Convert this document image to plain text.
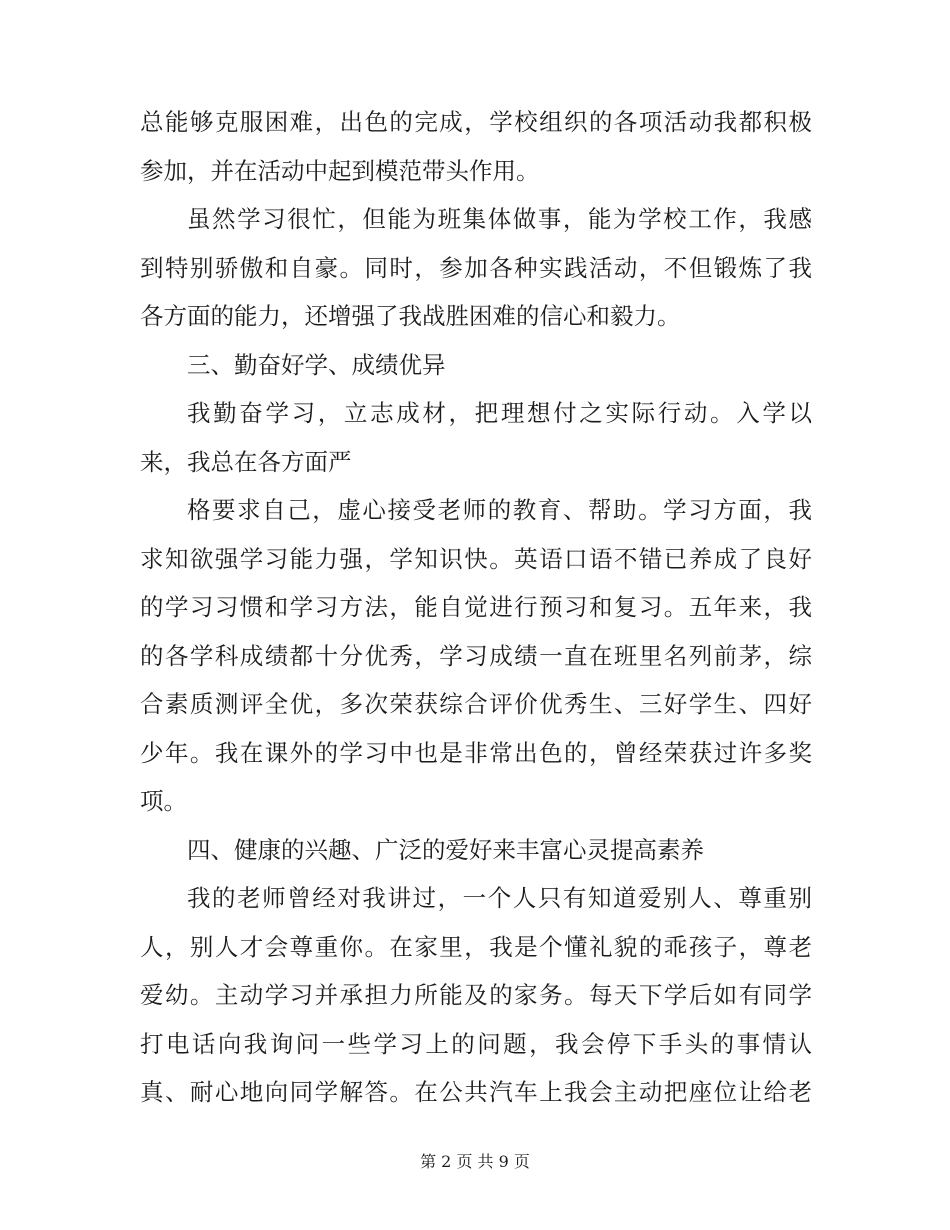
总能够克服困难，出色的完成，学校组织的各项活动我都积极
参加，并在活动中起到模范带头作用。
虽然学习很忙，但能为班集体做事，能为学校工作，我感
到特别骄傲和自豪。同时，参加各种实践活动，不但锻炼了我
各方面的能力，还增强了我战胜困难的信心和毅力。
三、勤奋好学、成绩优异
我勤奋学习，立志成材，把理想付之实际行动。入学以
来，我总在各方面严
格要求自己，虚心接受老师的教育、帮助。学习方面，我
求知欲强学习能力强，学知识快。英语口语不错已养成了良好
的学习习惯和学习方法，能自觉进行预习和复习。五年来，我
的各学科成绩都十分优秀，学习成绩一直在班里名列前茅，综
合素质测评全优，多次荣获综合评价优秀生、三好学生、四好
少年。我在课外的学习中也是非常出色的，曾经荣获过许多奖
项。
四、健康的兴趣、广泛的爱好来丰富心灵提高素养
我的老师曾经对我讲过，一个人只有知道爱别人、尊重别
人，别人才会尊重你。在家里，我是个懂礼貌的乖孩子，尊老
爱幼。主动学习并承担力所能及的家务。每天下学后如有同学
打电话向我询问一些学习上的问题，我会停下手头的事情认
真、耐心地向同学解答。在公共汽车上我会主动把座位让给老
第 2 页 共 9 页
